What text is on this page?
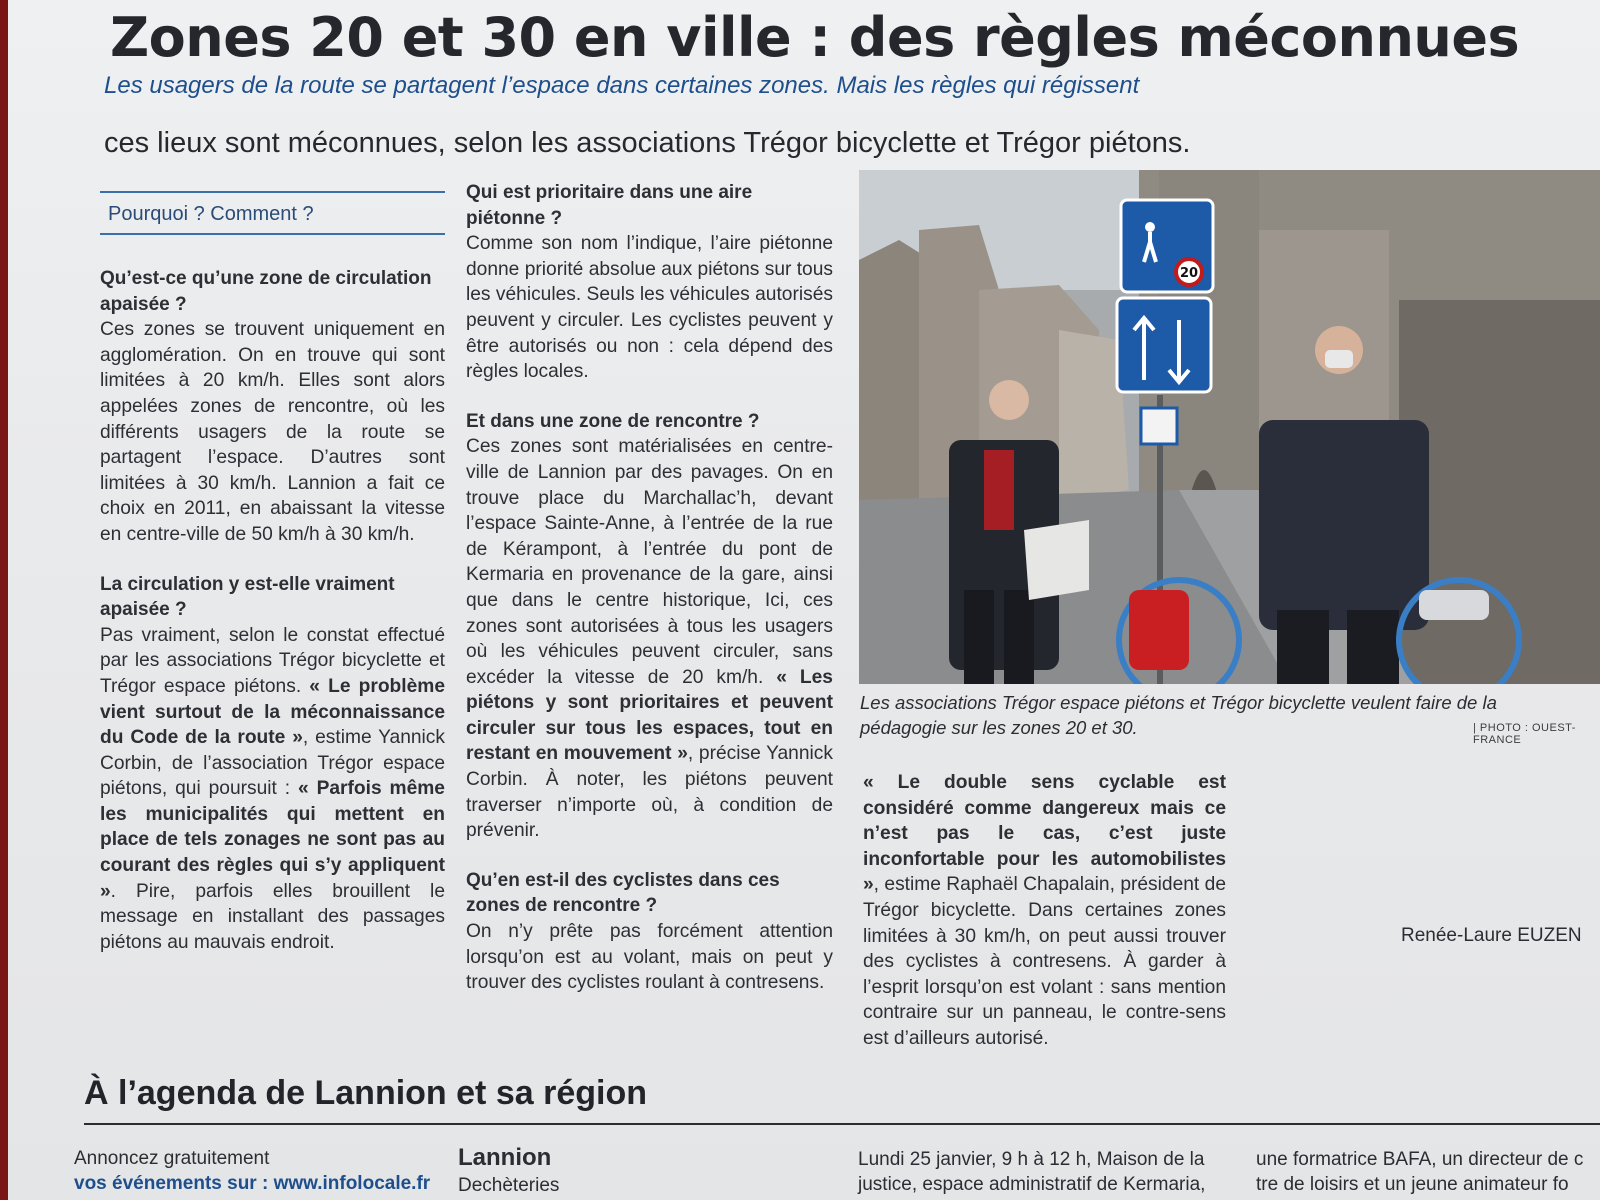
Zones 20 et 30 en ville : des règles méconnues
Les usagers de la route se partagent l’espace dans certaines zones. Mais les règles qui régissent
ces lieux sont méconnues, selon les associations Trégor bicyclette et Trégor piétons.
Pourquoi ? Comment ?

Qu’est-ce qu’une zone de circulation apaisée ?

Ces zones se trouvent uniquement en agglomération. On en trouve qui sont limitées à 20 km/h. Elles sont alors appelées zones de rencontre, où les différents usagers de la route se partagent l’espace. D’autres sont limitées à 30 km/h. Lannion a fait ce choix en 2011, en abaissant la vitesse en centre-ville de 50 km/h à 30 km/h.

La circulation y est-elle vraiment apaisée ?

Pas vraiment, selon le constat effectué par les associations Trégor bicyclette et Trégor espace piétons. « Le problème vient surtout de la méconnaissance du Code de la route », estime Yannick Corbin, de l’association Trégor espace piétons, qui poursuit : « Parfois même les municipalités qui mettent en place de tels zonages ne sont pas au courant des règles qui s’y appliquent ». Pire, parfois elles brouillent le message en installant des passages piétons au mauvais endroit.

Qui est prioritaire dans une aire piétonne ?

Comme son nom l’indique, l’aire piétonne donne priorité absolue aux piétons sur tous les véhicules. Seuls les véhicules autorisés peuvent y circuler. Les cyclistes peuvent y être autorisés ou non : cela dépend des règles locales.

Et dans une zone de rencontre ?

Ces zones sont matérialisées en centre-ville de Lannion par des pavages. On en trouve place du Marchallac’h, devant l’espace Sainte-Anne, à l’entrée de la rue de Kérampont, à l’entrée du pont de Kermaria en provenance de la gare, ainsi que dans le centre historique, Ici, ces zones sont autorisées à tous les usagers où les véhicules peuvent circuler, sans excéder la vitesse de 20 km/h. « Les piétons y sont prioritaires et peuvent circuler sur tous les espaces, tout en restant en mouvement », précise Yannick Corbin. À noter, les piétons peuvent traverser n’importe où, à condition de prévenir.

Qu’en est-il des cyclistes dans ces zones de rencontre ?

On n’y prête pas forcément attention lorsqu’on est au volant, mais on peut y trouver des cyclistes roulant à contresens.

20
Les associations Trégor espace piétons et Trégor bicyclette veulent faire de la pédagogie sur les zones 20 et 30.	| PHOTO : OUEST-FRANCE

« Le double sens cyclable est considéré comme dangereux mais ce n’est pas le cas, c’est juste inconfortable pour les automobilistes », estime Raphaël Chapalain, président de Trégor bicyclette. Dans certaines zones limitées à 30 km/h, on peut aussi trouver des cyclistes à contresens. À garder à l’esprit lorsqu’on est volant : sans mention contraire sur un panneau, le contre-sens est d’ailleurs autorisé.

Renée-Laure EUZEN
À l’agenda de Lannion et sa région
Annoncez gratuitement
vos événements sur : www.infolocale.fr
Lannion
Dechèteries
Lundi 25 janvier, 9 h à 12 h, Maison de la
justice, espace administratif de Kermaria,
une formatrice BAFA, un directeur de c
tre de loisirs et un jeune animateur fo
